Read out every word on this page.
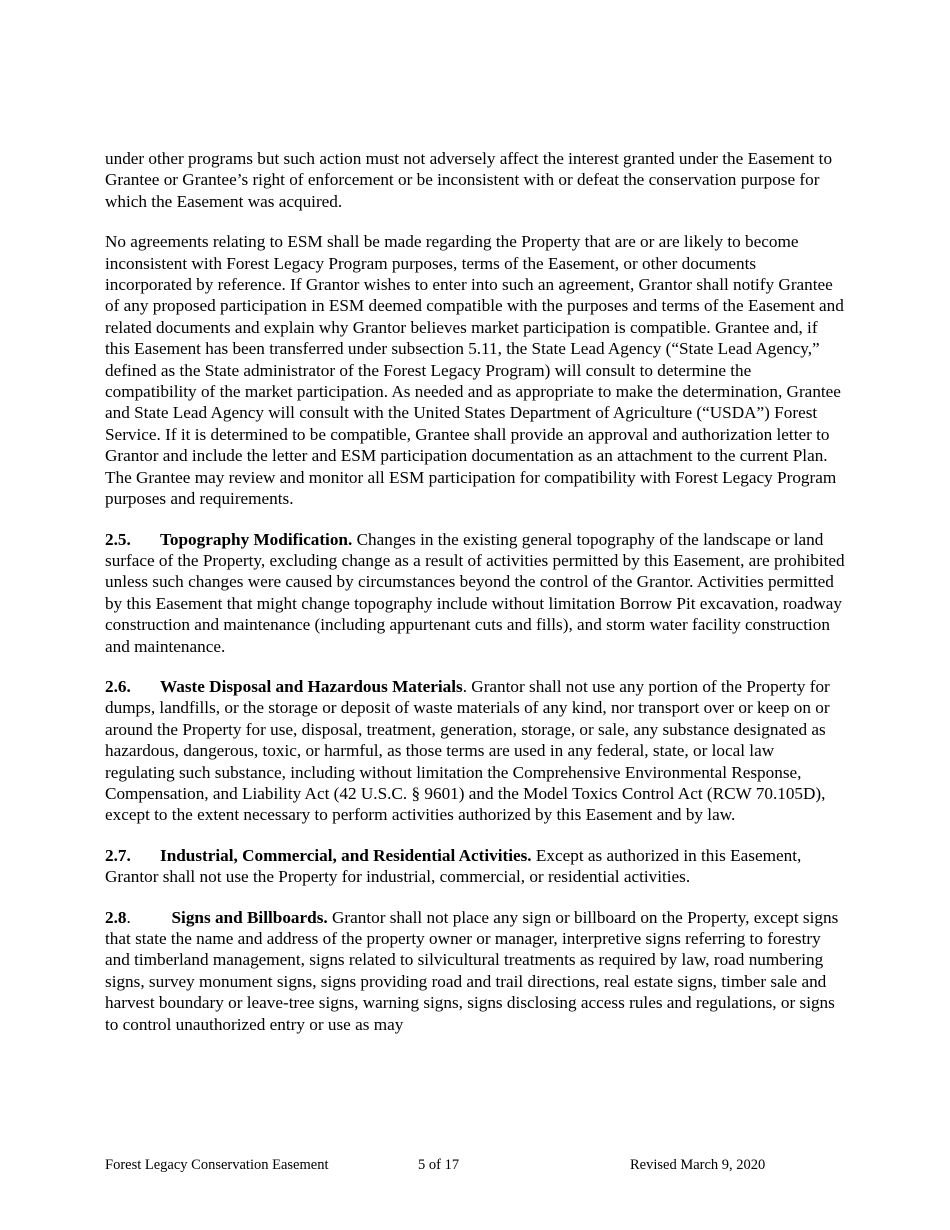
under other programs but such action must not adversely affect the interest granted under the Easement to Grantee or Grantee’s right of enforcement or be inconsistent with or defeat the conservation purpose for which the Easement was acquired.

No agreements relating to ESM shall be made regarding the Property that are or are likely to become inconsistent with Forest Legacy Program purposes, terms of the Easement, or other documents incorporated by reference. If Grantor wishes to enter into such an agreement, Grantor shall notify Grantee of any proposed participation in ESM deemed compatible with the purposes and terms of the Easement and related documents and explain why Grantor believes market participation is compatible. Grantee and, if this Easement has been transferred under subsection 5.11, the State Lead Agency (“State Lead Agency,” defined as the State administrator of the Forest Legacy Program) will consult to determine the compatibility of the market participation. As needed and as appropriate to make the determination, Grantee and State Lead Agency will consult with the United States Department of Agriculture (“USDA”) Forest Service. If it is determined to be compatible, Grantee shall provide an approval and authorization letter to Grantor and include the letter and ESM participation documentation as an attachment to the current Plan. The Grantee may review and monitor all ESM participation for compatibility with Forest Legacy Program purposes and requirements.

2.5. Topography Modification. Changes in the existing general topography of the landscape or land surface of the Property, excluding change as a result of activities permitted by this Easement, are prohibited unless such changes were caused by circumstances beyond the control of the Grantor. Activities permitted by this Easement that might change topography include without limitation Borrow Pit excavation, roadway construction and maintenance (including appurtenant cuts and fills), and storm water facility construction and maintenance.

2.6. Waste Disposal and Hazardous Materials. Grantor shall not use any portion of the Property for dumps, landfills, or the storage or deposit of waste materials of any kind, nor transport over or keep on or around the Property for use, disposal, treatment, generation, storage, or sale, any substance designated as hazardous, dangerous, toxic, or harmful, as those terms are used in any federal, state, or local law regulating such substance, including without limitation the Comprehensive Environmental Response, Compensation, and Liability Act (42 U.S.C. § 9601) and the Model Toxics Control Act (RCW 70.105D), except to the extent necessary to perform activities authorized by this Easement and by law.

2.7. Industrial, Commercial, and Residential Activities. Except as authorized in this Easement, Grantor shall not use the Property for industrial, commercial, or residential activities.

2.8. Signs and Billboards. Grantor shall not place any sign or billboard on the Property, except signs that state the name and address of the property owner or manager, interpretive signs referring to forestry and timberland management, signs related to silvicultural treatments as required by law, road numbering signs, survey monument signs, signs providing road and trail directions, real estate signs, timber sale and harvest boundary or leave-tree signs, warning signs, signs disclosing access rules and regulations, or signs to control unauthorized entry or use as may

Forest Legacy Conservation Easement	5 of 17	Revised March 9, 2020
